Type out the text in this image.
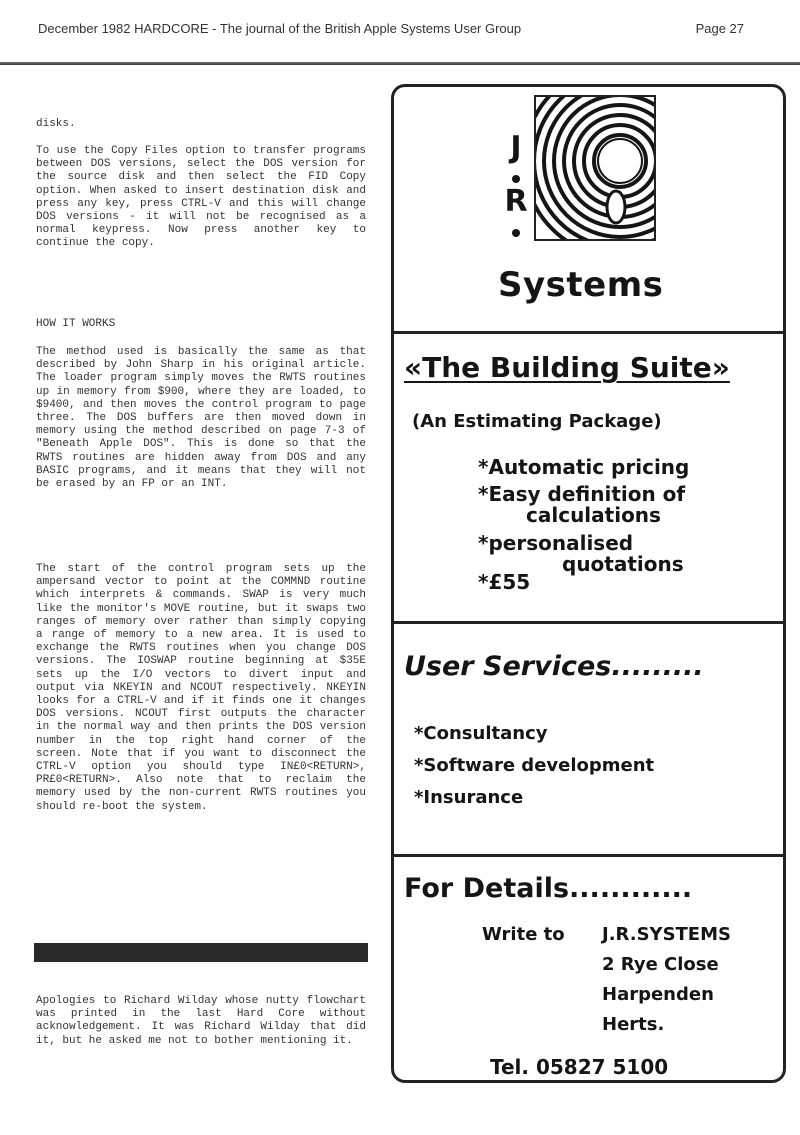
December 1982 HARDCORE - The journal of the British Apple Systems User Group	Page 27

disks.

To use the Copy Files option to transfer programs between DOS versions, select the DOS version for the source disk and then select the FID Copy option. When asked to insert destination disk and press any key, press CTRL-V and this will change DOS versions - it will not be recognised as a normal keypress. Now press another key to continue the copy.

HOW IT WORKS

The method used is basically the same as that described by John Sharp in his original article. The loader program simply moves the RWTS routines up in memory from $900, where they are loaded, to $9400, and then moves the control program to page three. The DOS buffers are then moved down in memory using the method described on page 7-3 of "Beneath Apple DOS". This is done so that the RWTS routines are hidden away from DOS and any BASIC programs, and it means that they will not be erased by an FP or an INT.

The start of the control program sets up the ampersand vector to point at the COMMND routine which interprets & commands. SWAP is very much like the monitor's MOVE routine, but it swaps two ranges of memory over rather than simply copying a range of memory to a new area. It is used to exchange the RWTS routines when you change DOS versions. The IOSWAP routine beginning at $35E sets up the I/O vectors to divert input and output via NKEYIN and NCOUT respectively. NKEYIN looks for a CTRL-V and if it finds one it changes DOS versions. NCOUT first outputs the character in the normal way and then prints the DOS version number in the top right hand corner of the screen. Note that if you want to disconnect the CTRL-V option you should type IN£0<RETURN>, PR£0<RETURN>. Also note that to reclaim the memory used by the non-current RWTS routines you should re-boot the system.

Apologies to Richard Wilday whose nutty flowchart was printed in the last Hard Core without acknowledgement. It was Richard Wilday that did it, but he asked me not to bother mentioning it.

J
R
Systems
«The Building Suite»
(An Estimating Package)
*Automatic pricing
*Easy definition of
calculations
*personalised
quotations
*£55
User Services.........
*Consultancy
*Software development
*Insurance
For Details............
Write to J.R.SYSTEMS
2 Rye Close
Harpenden
Herts.
Tel. 05827 5100
